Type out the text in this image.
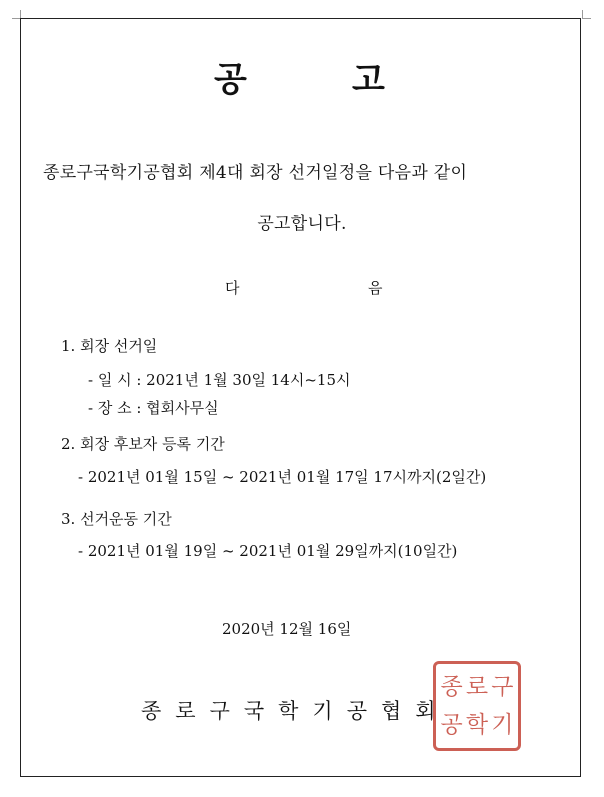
공	고
종로구국학기공협회 제4대 회장 선거일정을 다음과 같이
공고합니다.
다	음
1. 회장 선거일
- 일 시 : 2021년 1월 30일 14시~15시
- 장 소 : 협회사무실
2. 회장 후보자 등록 기간
- 2021년 01월 15일 ~ 2021년 01월 17일 17시까지(2일간)
3. 선거운동 기간
- 2021년 01월 19일 ~ 2021년 01월 29일까지(10일간)
2020년 12월 16일
종로구국학기공협회
종 로 구
공 학 기
